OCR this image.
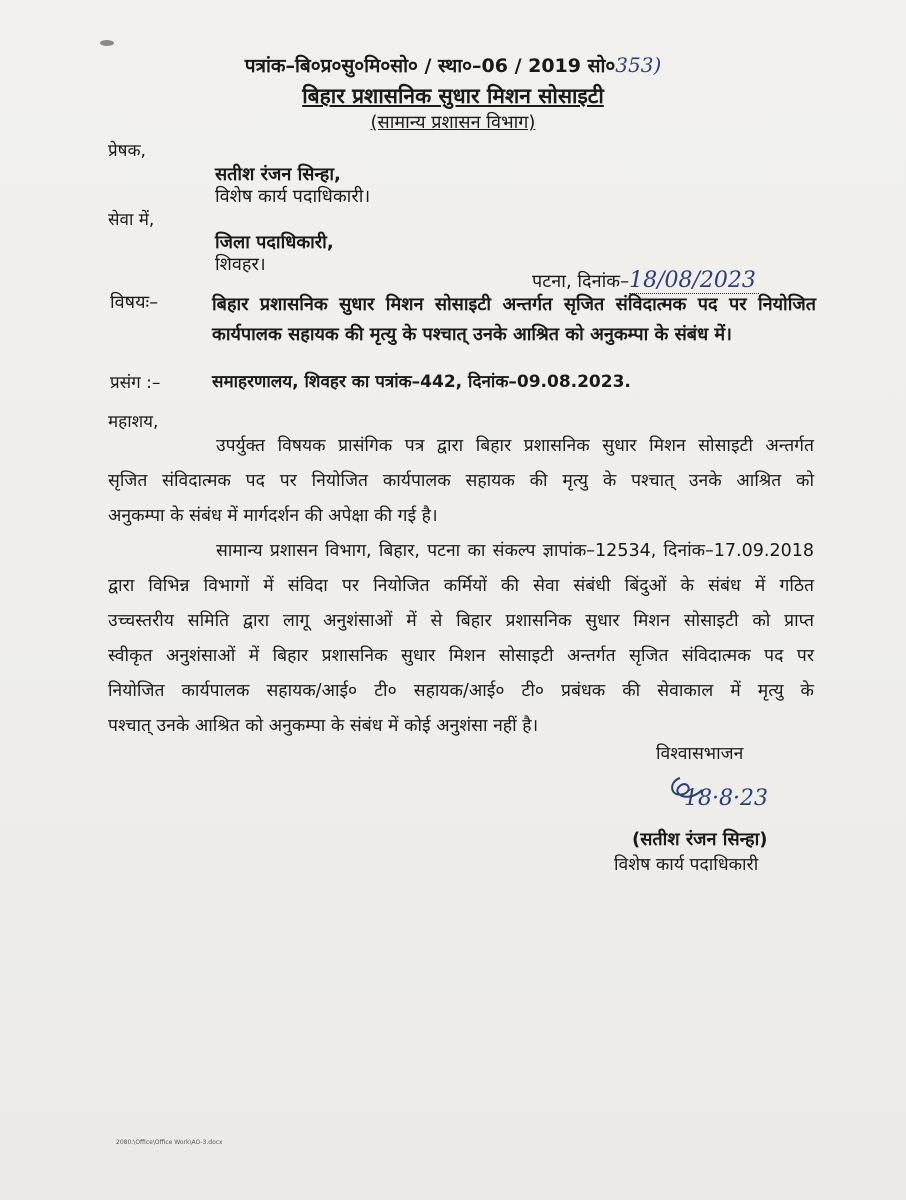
पत्रांक–बि०प्र०सु०मि०सो० / स्था०–06 / 2019 सो०353)
बिहार प्रशासनिक सुधार मिशन सोसाइटी
(सामान्य प्रशासन विभाग)
प्रेषक,
सतीश रंजन सिन्हा,
विशेष कार्य पदाधिकारी।
सेवा में,
जिला पदाधिकारी,
शिवहर।
पटना, दिनांक–18/08/2023
विषयः–	बिहार प्रशासनिक सुधार मिशन सोसाइटी अन्तर्गत सृजित संविदात्मक पद पर नियोजित
कार्यपालक सहायक की मृत्यु के पश्चात् उनके आश्रित को अनुकम्पा के संबंध में।
प्रसंग :–	समाहरणालय, शिवहर का पत्रांक–442, दिनांक–09.08.2023.
महाशय,
उपर्युक्त विषयक प्रासंगिक पत्र द्वारा बिहार प्रशासनिक सुधार मिशन सोसाइटी अन्तर्गत
सृजित संविदात्मक पद पर नियोजित कार्यपालक सहायक की मृत्यु के पश्चात् उनके आश्रित को
अनुकम्पा के संबंध में मार्गदर्शन की अपेक्षा की गई है।
सामान्य प्रशासन विभाग, बिहार, पटना का संकल्प ज्ञापांक–12534, दिनांक–17.09.2018
द्वारा विभिन्न विभागों में संविदा पर नियोजित कर्मियों की सेवा संबंधी बिंदुओं के संबंध में गठित
उच्चस्तरीय समिति द्वारा लागू अनुशंसाओं में से बिहार प्रशासनिक सुधार मिशन सोसाइटी को प्राप्त
स्वीकृत अनुशंसाओं में बिहार प्रशासनिक सुधार मिशन सोसाइटी अन्तर्गत सृजित संविदात्मक पद पर
नियोजित कार्यपालक सहायक/आई० टी० सहायक/आई० टी० प्रबंधक की सेवाकाल में मृत्यु के
पश्चात् उनके आश्रित को अनुकम्पा के संबंध में कोई अनुशंसा नहीं है।
विश्वासभाजन
18·8·23
(सतीश रंजन सिन्हा)
विशेष कार्य पदाधिकारी
2080:\Office\Office Work\AO-3.docx
